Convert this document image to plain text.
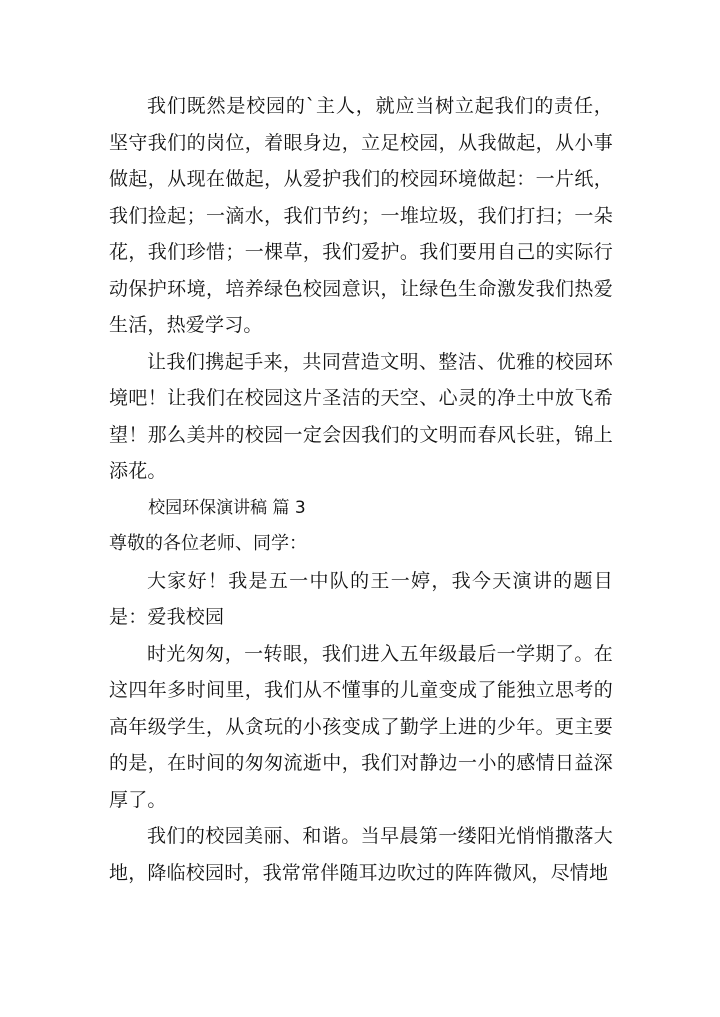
我们既然是校园的`主人，就应当树立起我们的责任，坚守我们的岗位，着眼身边，立足校园，从我做起，从小事做起，从现在做起，从爱护我们的校园环境做起：一片纸，我们捡起；一滴水，我们节约；一堆垃圾，我们打扫；一朵花，我们珍惜；一棵草，我们爱护。我们要用自己的实际行动保护环境，培养绿色校园意识，让绿色生命激发我们热爱生活，热爱学习。

让我们携起手来，共同营造文明、整洁、优雅的校园环境吧！让我们在校园这片圣洁的天空、心灵的净土中放飞希望！那么美丼的校园一定会因我们的文明而春风长驻，锦上添花。

校园环保演讲稿 篇 3

尊敬的各位老师、同学：

大家好！我是五一中队的王一婷，我今天演讲的题目是：爱我校园

时光匆匆，一转眼，我们进入五年级最后一学期了。在这四年多时间里，我们从不懂事的儿童变成了能独立思考的高年级学生，从贪玩的小孩变成了勤学上进的少年。更主要的是，在时间的匆匆流逝中，我们对静边一小的感情日益深厚了。

我们的校园美丽、和谐。当早晨第一缕阳光悄悄撒落大地，降临校园时，我常常伴随耳边吹过的阵阵微风，尽情地
